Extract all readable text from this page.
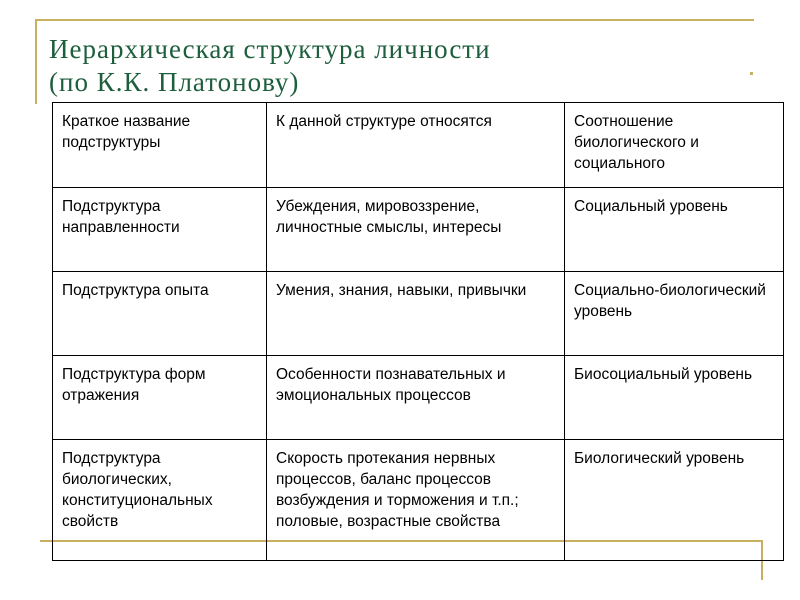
Иерархическая структура личности
(по К.К. Платонову)
Краткое название подструктуры	К данной структуре относятся	Соотношение биологического и социального
Подструктура направленности	Убеждения, мировоззрение, личностные смыслы, интересы	Социальный уровень
Подструктура опыта	Умения, знания, навыки, привычки	Социально-биологический уровень
Подструктура форм отражения	Особенности познавательных и эмоциональных процессов	Биосоциальный уровень
Подструктура биологических, конституциональных свойств	Скорость протекания нервных процессов, баланс процессов возбуждения и торможения и т.п.; половые, возрастные свойства	Биологический уровень
